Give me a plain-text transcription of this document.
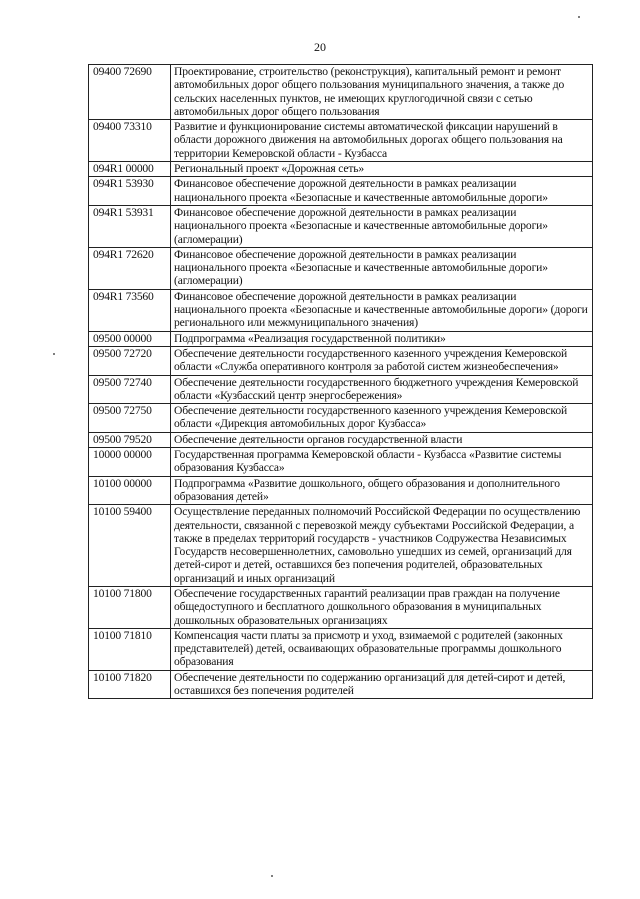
20
09400 72690	Проектирование, строительство (реконструкция), капитальный ремонт и ремонт автомобильных дорог общего пользования муниципального значения, а также до сельских населенных пунктов, не имеющих круглогодичной связи с сетью автомобильных дорог общего пользования
09400 73310	Развитие и функционирование системы автоматической фиксации нарушений в области дорожного движения на автомобильных дорогах общего пользования на территории Кемеровской области - Кузбасса
094R1 00000	Региональный проект «Дорожная сеть»
094R1 53930	Финансовое обеспечение дорожной деятельности в рамках реализации национального проекта «Безопасные и качественные автомобильные дороги»
094R1 53931	Финансовое обеспечение дорожной деятельности в рамках реализации национального проекта «Безопасные и качественные автомобильные дороги» (агломерации)
094R1 72620	Финансовое обеспечение дорожной деятельности в рамках реализации национального проекта «Безопасные и качественные автомобильные дороги» (агломерации)
094R1 73560	Финансовое обеспечение дорожной деятельности в рамках реализации национального проекта «Безопасные и качественные автомобильные дороги» (дороги регионального или межмуниципального значения)
09500 00000	Подпрограмма «Реализация государственной политики»
09500 72720	Обеспечение деятельности государственного казенного учреждения Кемеровской области «Служба оперативного контроля за работой систем жизнеобеспечения»
09500 72740	Обеспечение деятельности государственного бюджетного учреждения Кемеровской области «Кузбасский центр энергосбережения»
09500 72750	Обеспечение деятельности государственного казенного учреждения Кемеровской области «Дирекция автомобильных дорог Кузбасса»
09500 79520	Обеспечение деятельности органов государственной власти
10000 00000	Государственная программа Кемеровской области - Кузбасса «Развитие системы образования Кузбасса»
10100 00000	Подпрограмма «Развитие дошкольного, общего образования и дополнительного образования детей»
10100 59400	Осуществление переданных полномочий Российской Федерации по осуществлению деятельности, связанной с перевозкой между субъектами Российской Федерации, а также в пределах территорий государств - участников Содружества Независимых Государств несовершеннолетних, самовольно ушедших из семей, организаций для детей-сирот и детей, оставшихся без попечения родителей, образовательных организаций и иных организаций
10100 71800	Обеспечение государственных гарантий реализации прав граждан на получение общедоступного и бесплатного дошкольного образования в муниципальных дошкольных образовательных организациях
10100 71810	Компенсация части платы за присмотр и уход, взимаемой с родителей (законных представителей) детей, осваивающих образовательные программы дошкольного образования
10100 71820	Обеспечение деятельности по содержанию организаций для детей-сирот и детей, оставшихся без попечения родителей
